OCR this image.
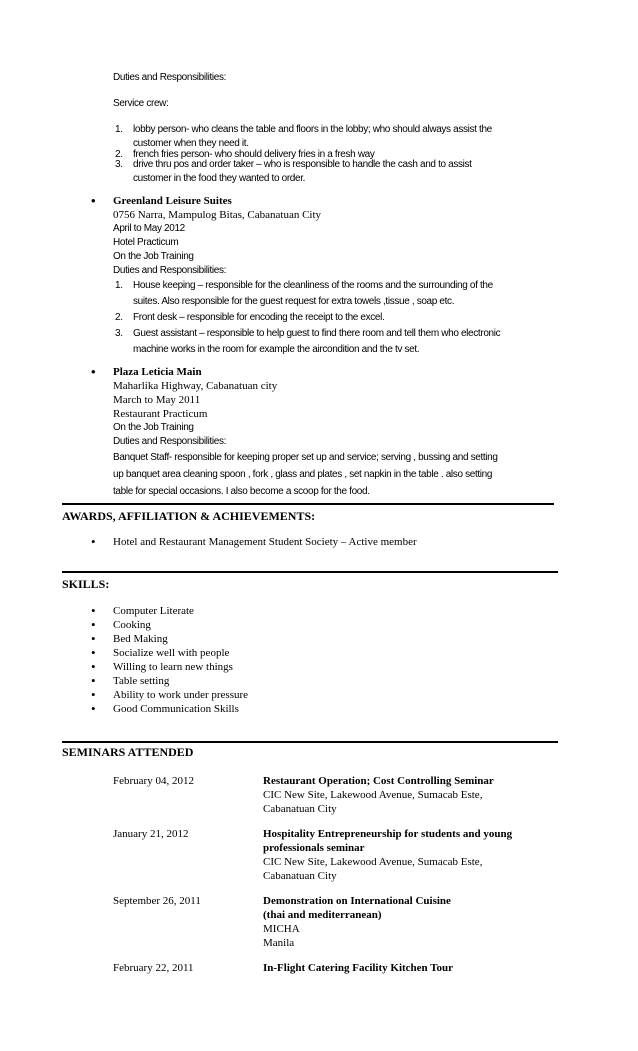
Duties and Responsibilities:
Service crew:
1. lobby person- who cleans the table and floors in the lobby; who should always assist the
customer when they need it.
2. french fries person- who should delivery fries in a fresh way
3. drive thru pos and order taker – who is responsible to handle the cash and to assist
customer in the food they wanted to order.
• Greenland Leisure Suites
0756 Narra, Mampulog Bitas, Cabanatuan City
April to May 2012
Hotel Practicum
On the Job Training
Duties and Responsibilities:
1. House keeping – responsible for the cleanliness of the rooms and the surrounding of the
suites. Also responsible for the guest request for extra towels ,tissue , soap etc.
2. Front desk – responsible for encoding the receipt to the excel.
3. Guest assistant – responsible to help guest to find there room and tell them who electronic
machine works in the room for example the aircondition and the tv set.
• Plaza Leticia Main
Maharlika Highway, Cabanatuan city
March to May 2011
Restaurant Practicum
On the Job Training
Duties and Responsibilities:
Banquet Staff- responsible for keeping proper set up and service; serving , bussing and setting
up banquet area cleaning spoon , fork , glass and plates , set napkin in the table . also setting
table for special occasions. I also become a scoop for the food.
AWARDS, AFFILIATION & ACHIEVEMENTS:
• Hotel and Restaurant Management Student Society – Active member
SKILLS:
• Computer Literate
• Cooking
• Bed Making
• Socialize well with people
• Willing to learn new things
• Table setting
• Ability to work under pressure
• Good Communication Skills
SEMINARS ATTENDED
February 04, 2012	Restaurant Operation; Cost Controlling Seminar
CIC New Site, Lakewood Avenue, Sumacab Este,
Cabanatuan City
January 21, 2012	Hospitality Entrepreneurship for students and young
professionals seminar
CIC New Site, Lakewood Avenue, Sumacab Este,
Cabanatuan City
September 26, 2011	Demonstration on International Cuisine
(thai and mediterranean)
MICHA
Manila
February 22, 2011	In-Flight Catering Facility Kitchen Tour
